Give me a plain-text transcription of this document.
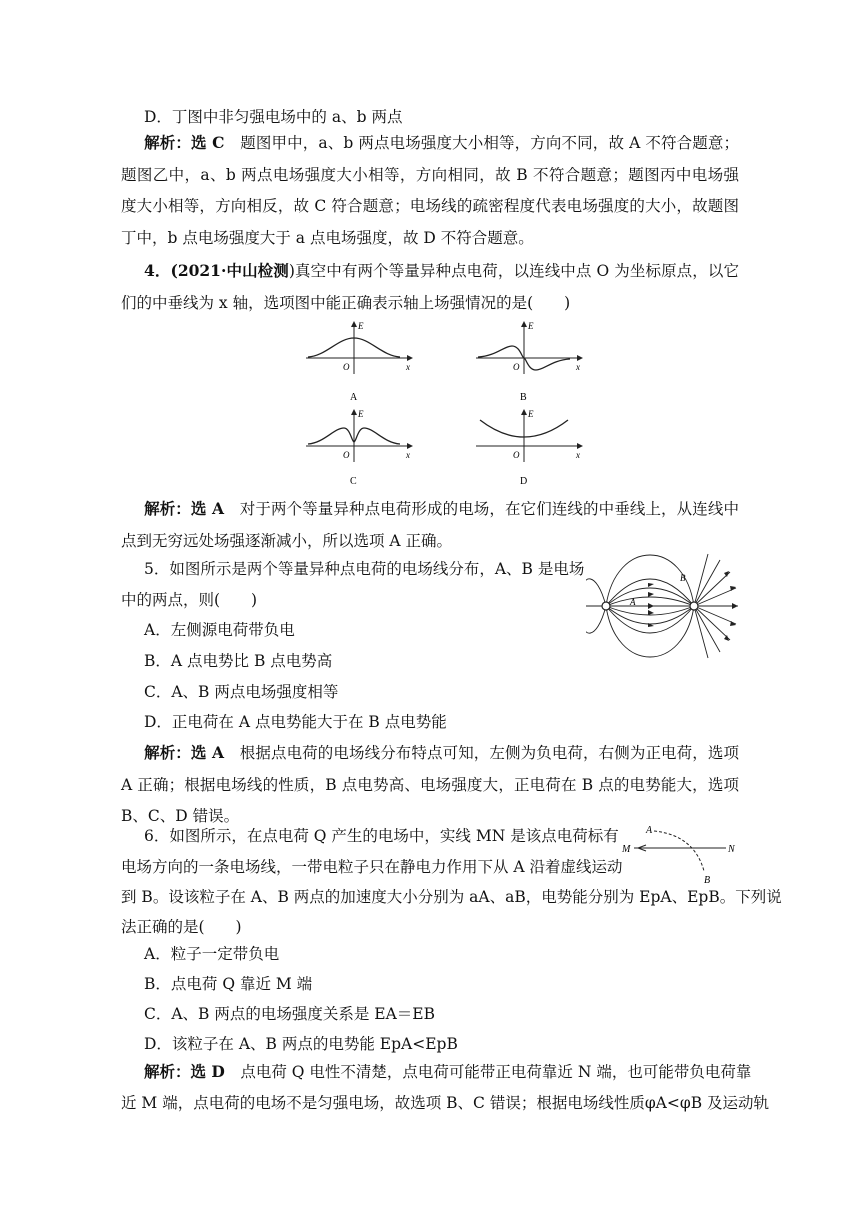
D．丁图中非匀强电场中的 a、b 两点
解析：选 C　题图甲中，a、b 两点电场强度大小相等，方向不同，故 A 不符合题意；题图乙中，a、b 两点电场强度大小相等，方向相同，故 B 不符合题意；题图丙中电场强度大小相等，方向相反，故 C 符合题意；电场线的疏密程度代表电场强度的大小，故题图丁中，b 点电场强度大于 a 点电场强度，故 D 不符合题意。
4．(2021·中山检测)真空中有两个等量异种点电荷，以连线中点 O 为坐标原点，以它们的中垂线为 x 轴，选项图中能正确表示轴上场强情况的是(　　)
E
O	x
A
E
O	x
B
E
O	x
C
E
O	x
D
解析：选 A　对于两个等量异种点电荷形成的电场，在它们连线的中垂线上，从连线中点到无穷远处场强逐渐减小，所以选项 A 正确。
5．如图所示是两个等量异种点电荷的电场线分布，A、B 是电场
中的两点，则(　　)
A．左侧源电荷带负电
B．A 点电势比 B 点电势高
C．A、B 两点电场强度相等
D．正电荷在 A 点电势能大于在 B 点电势能
A
B
解析：选 A　根据点电荷的电场线分布特点可知，左侧为负电荷，右侧为正电荷，选项 A 正确；根据电场线的性质，B 点电势高、电场强度大，正电荷在 B 点的电势能大，选项 B、C、D 错误。
6．如图所示，在点电荷 Q 产生的电场中，实线 MN 是该点电荷标有
电场方向的一条电场线，一带电粒子只在静电力作用下从 A 沿着虚线运动
到 B。设该粒子在 A、B 两点的加速度大小分别为 aA、aB，电势能分别为 EpA、EpB。下列说
法正确的是(　　)
A
B
M	N
A．粒子一定带负电
B．点电荷 Q 靠近 M 端
C．A、B 两点的电场强度关系是 EA＝EB
D．该粒子在 A、B 两点的电势能 EpA<EpB
解析：选 D　点电荷 Q 电性不清楚，点电荷可能带正电荷靠近 N 端，也可能带负电荷靠
近 M 端，点电荷的电场不是匀强电场，故选项 B、C 错误；根据电场线性质φA<φB 及运动轨
